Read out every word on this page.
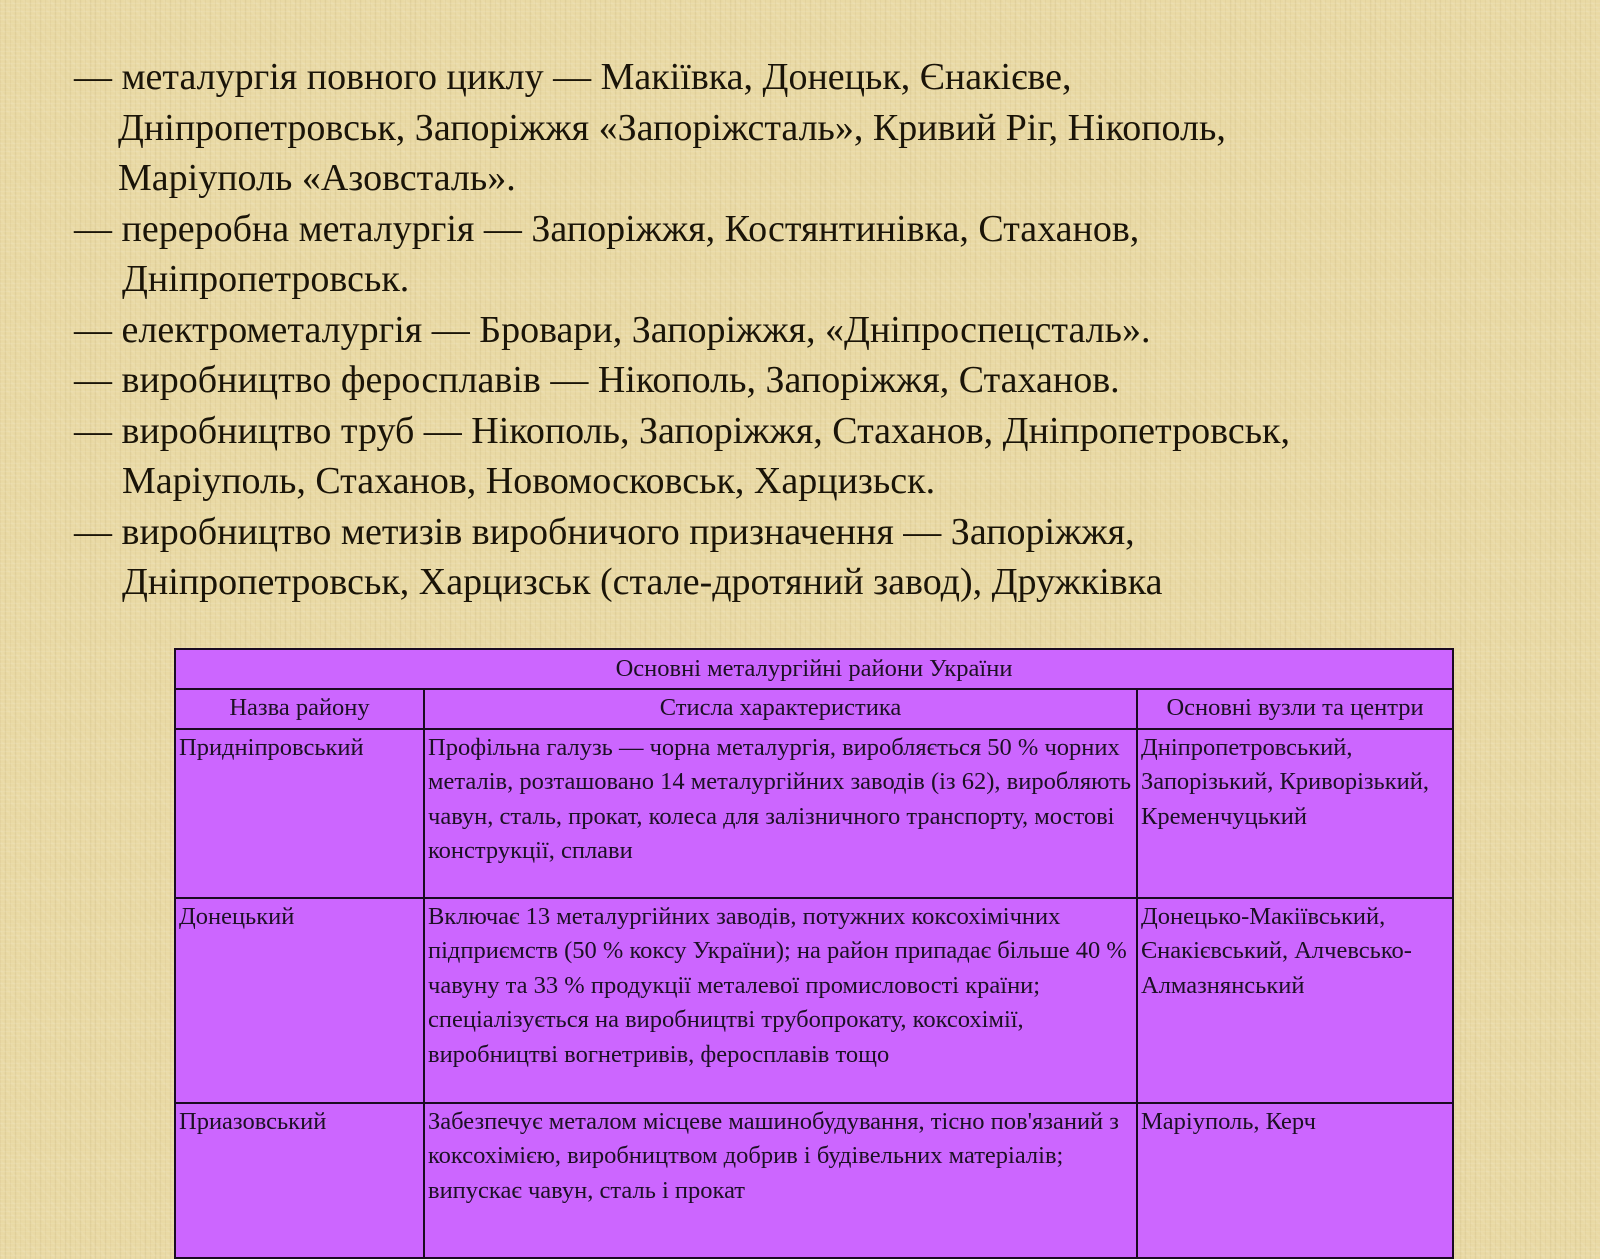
— металургія повного циклу — Макіївка, Донецьк, Єнакієве,
Дніпропетровськ, Запоріжжя «Запоріжсталь», Кривий Ріг, Нікополь,
Маріуполь «Азовсталь».

— переробна металургія — Запоріжжя, Костянтинівка, Стаханов,
Дніпропетровськ.

— електрометалургія — Бровари, Запоріжжя, «Дніпроспецсталь».

— виробництво феросплавів — Нікополь, Запоріжжя, Стаханов.

— виробництво труб — Нікополь, Запоріжжя, Стаханов, Дніпропетровськ,
Маріуполь, Стаханов, Новомосковськ, Харцизьск.

— виробництво метизів виробничого призначення — Запоріжжя,
Дніпропетровськ, Харцизськ (стале-дротяний завод), Дружківка

Основні металургійні райони України		
Назва району	Стисла характеристика	Основні вузли та центри
Придніпровський	Профільна галузь — чорна металургія, виробляється 50 % чорних металів, розташовано 14 металургійних заводів (із 62), виробляють чавун, сталь, прокат, колеса для залізничного транспорту, мостові конструкції, сплави	Дніпропетровський, Запорізький, Криворізький, Кременчуцький
Донецький	Включає 13 металургійних заводів, потужних коксохімічних підприємств (50 % коксу України); на район припадає більше 40 % чавуну та 33 % продукції металевої промисловості країни; спеціалізується на виробництві трубопрокату, коксохімії, виробництві вогнетривів, феросплавів тощо	Донецько-Макіївський, Єнакієвський, Алчевсько-Алмазнянський
Приазовський	Забезпечує металом місцеве машинобудування, тісно пов'язаний з коксохімією, виробництвом добрив і будівельних матеріалів; випускає чавун, сталь і прокат	Маріуполь, Керч
